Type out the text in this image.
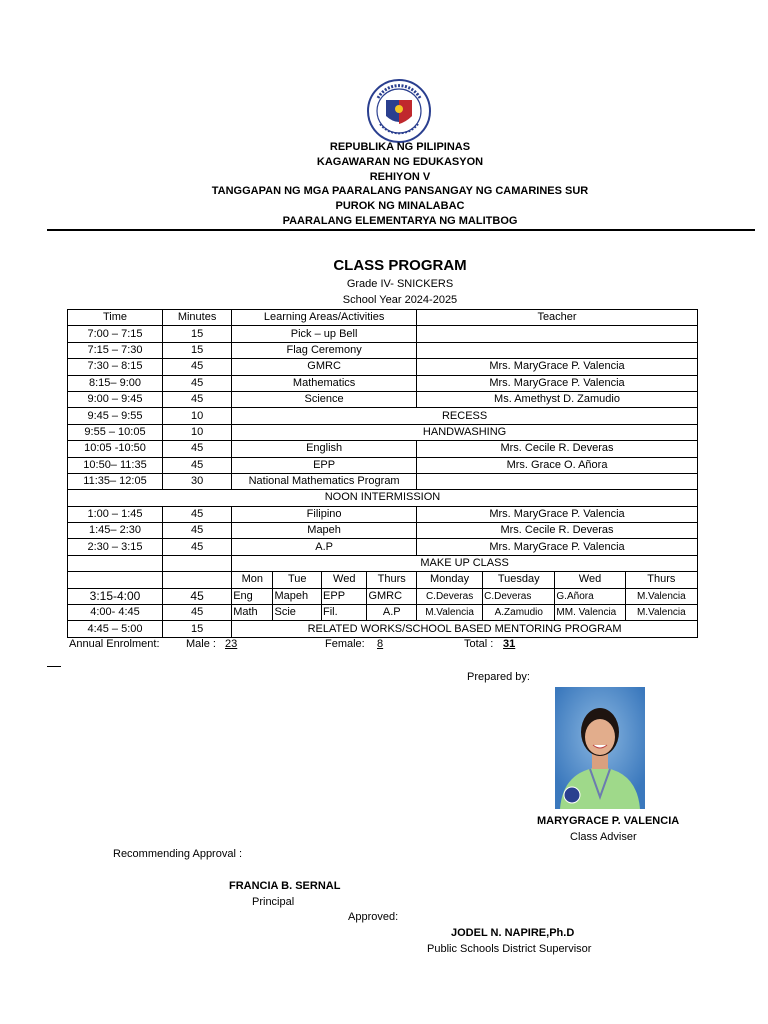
REPUBLIKA NG PILIPINAS
KAGAWARAN NG EDUKASYON
REHIYON V
TANGGAPAN NG MGA PAARALANG PANSANGAY NG CAMARINES SUR
PUROK NG MINALABAC
PAARALANG ELEMENTARYA NG MALITBOG
CLASS PROGRAM
Grade IV- SNICKERS
School Year 2024-2025
Time	Minutes	Learning Areas/Activities				Teacher			
7:00 – 7:15	15	Pick – up Bell							
7:15 – 7:30	15	Flag Ceremony							
7:30 – 8:15	45	GMRC				Mrs. MaryGrace P. Valencia			
8:15– 9:00	45	Mathematics				Mrs. MaryGrace P. Valencia			
9:00 – 9:45	45	Science				Ms. Amethyst D. Zamudio			
9:45 – 9:55	10	RECESS							
9:55 – 10:05	10	HANDWASHING							
10:05 -10:50	45	English				Mrs. Cecile R. Deveras			
10:50– 11:35	45	EPP				Mrs. Grace O. Añora			
11:35– 12:05	30	National Mathematics Program							
NOON INTERMISSION									
1:00 – 1:45	45	Filipino				Mrs. MaryGrace P. Valencia			
1:45– 2:30	45	Mapeh				Mrs. Cecile R. Deveras			
2:30 – 3:15	45	A.P				Mrs. MaryGrace P. Valencia			
		MAKE UP CLASS							
		Mon	Tue	Wed	Thurs	Monday	Tuesday	Wed	Thurs
3:15-4:00	45	Eng	Mapeh	EPP	GMRC	C.Deveras	C.Deveras	G.Añora	M.Valencia
4:00- 4:45	45	Math	Scie	Fil.	A.P	M.Valencia	A.Zamudio	MM. Valencia	M.Valencia
4:45 – 5:00	15	RELATED WORKS/SCHOOL BASED MENTORING PROGRAM							
Annual Enrolment: Male : 23	Female: 8	Total : 31
Prepared by:
MARYGRACE P. VALENCIA
Class Adviser
Recommending Approval :
FRANCIA B. SERNAL
Principal
Approved:
JODEL N. NAPIRE,Ph.D
Public Schools District Supervisor
